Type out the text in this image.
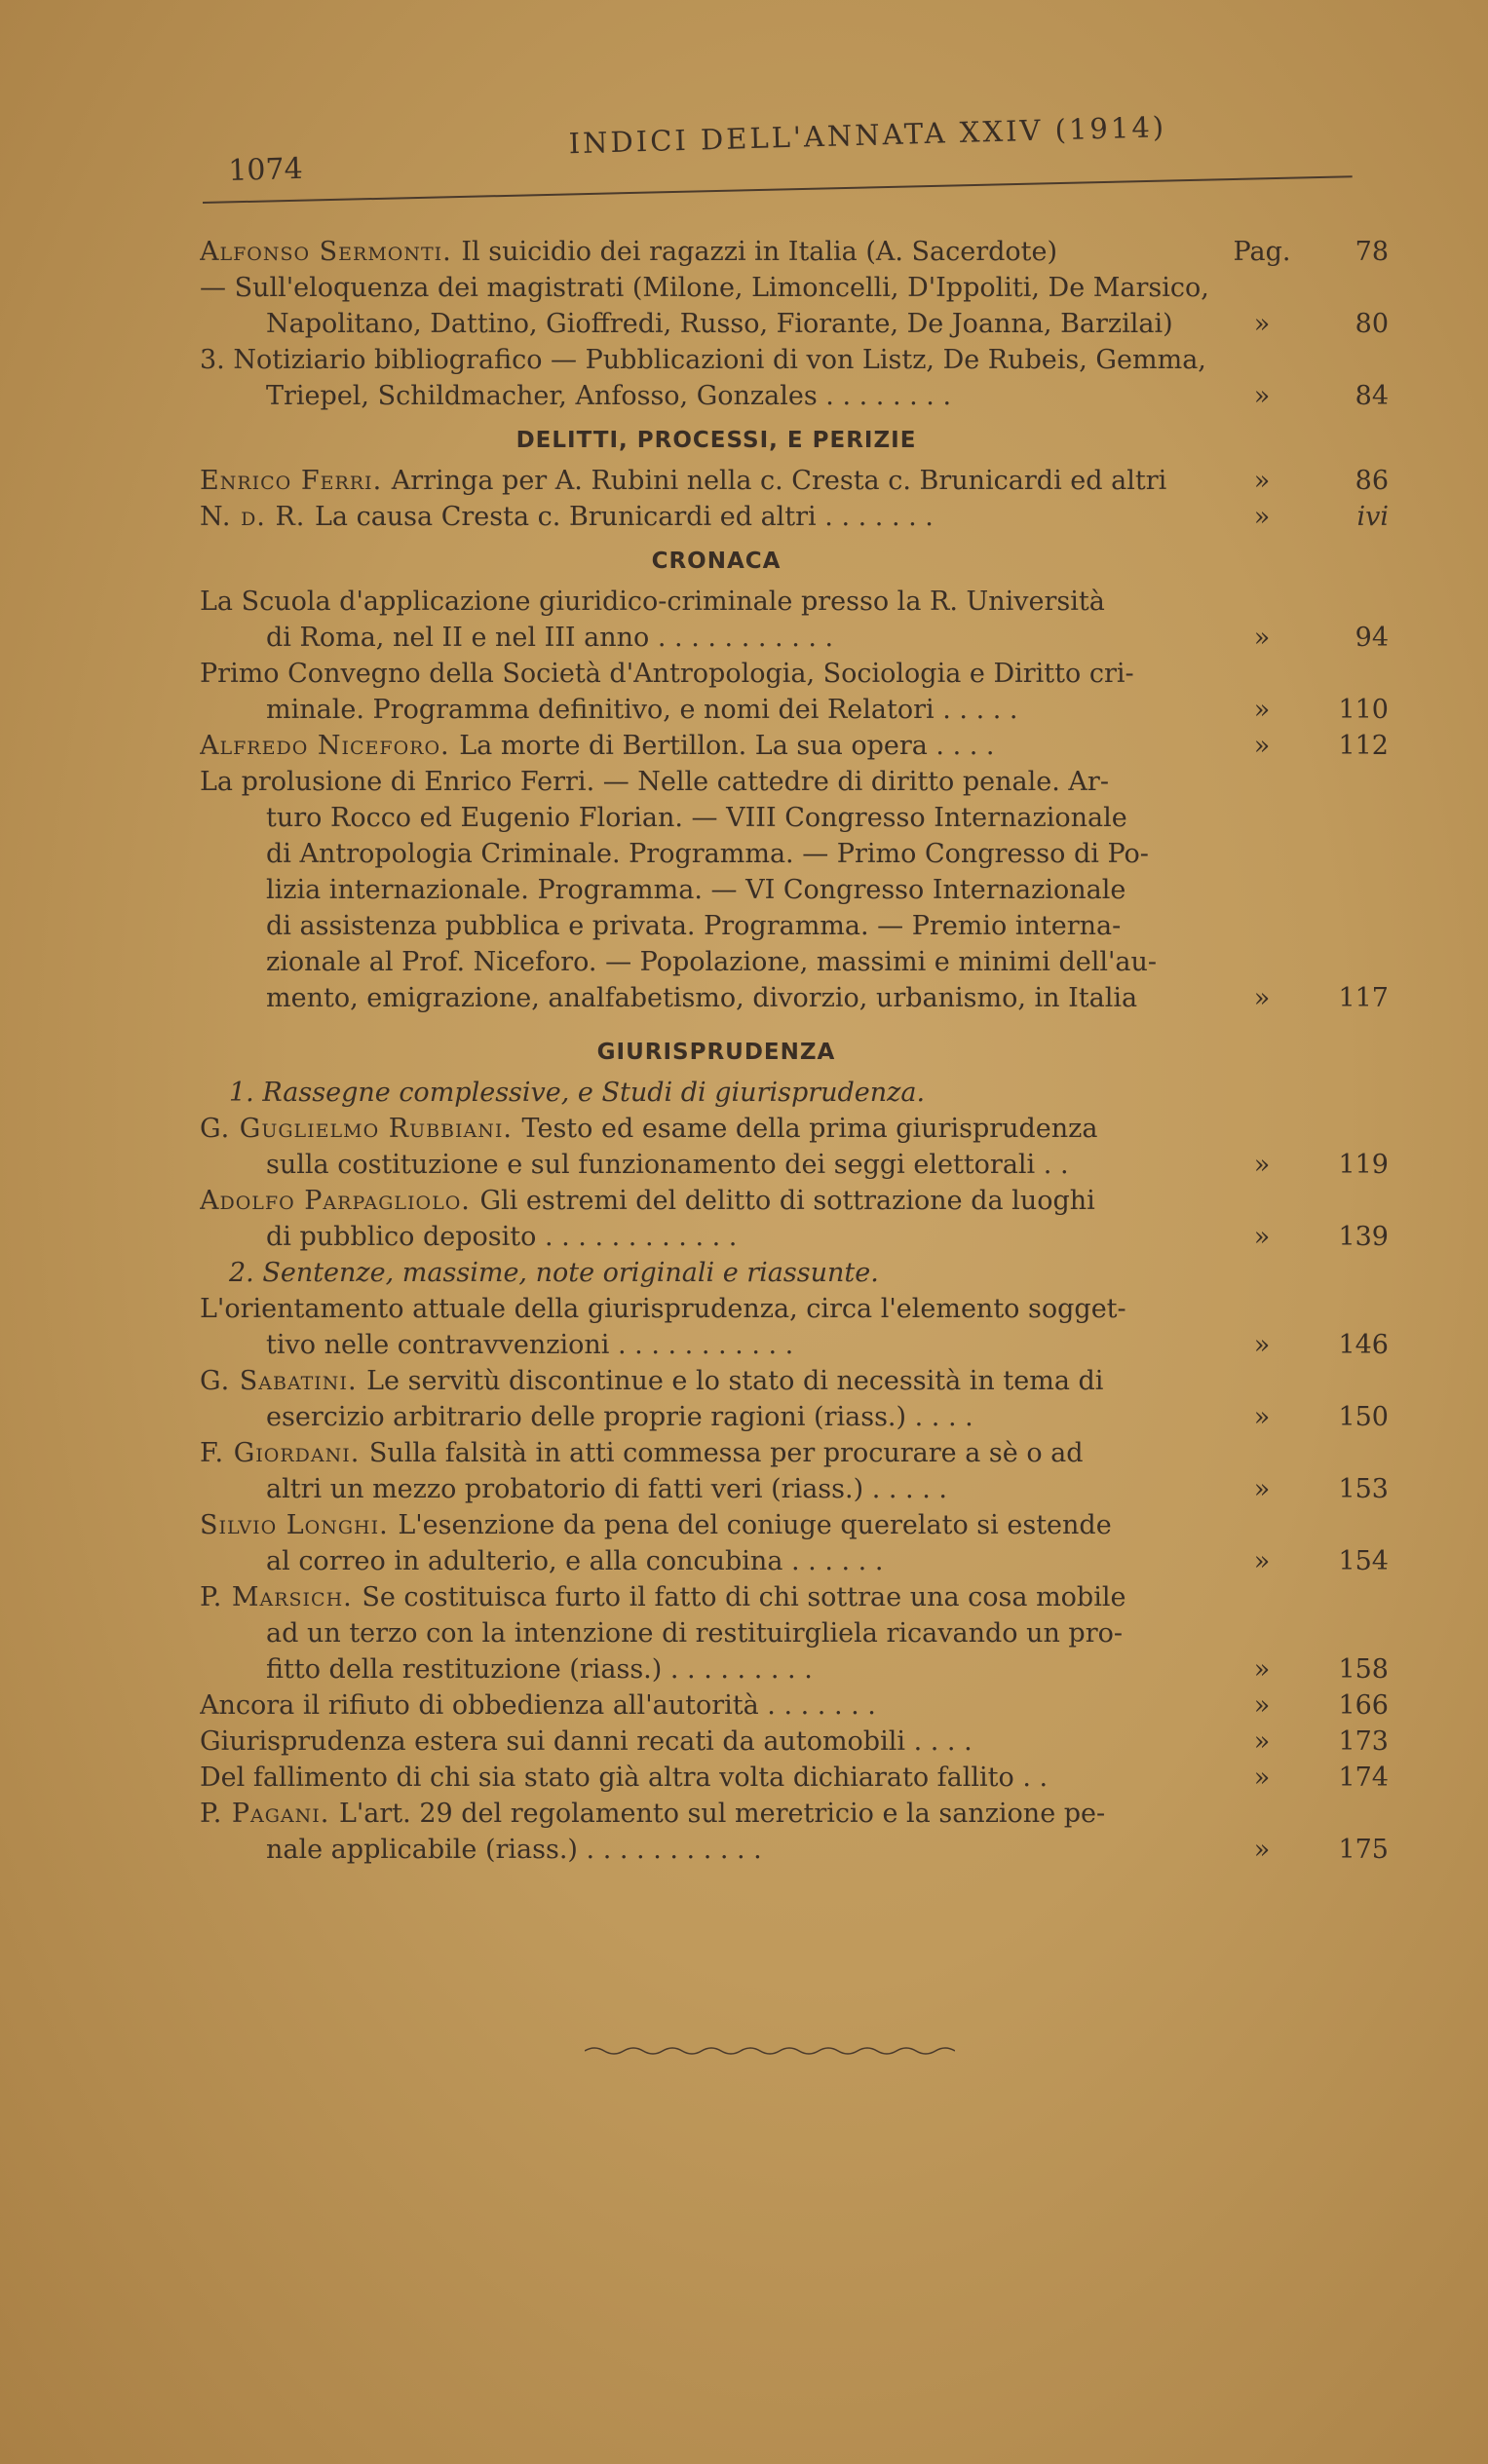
1074
INDICI DELL'ANNATA XXIV (1914)
Alfonso Sermonti. Il suicidio dei ragazzi in Italia (A. Sacerdote)	Pag.	78
— Sull'eloquenza dei magistrati (Milone, Limoncelli, D'Ippoliti, De Marsico,
Napolitano, Dattino, Gioffredi, Russo, Fiorante, De Joanna, Barzilai)	»	80
3. Notiziario bibliografico — Pubblicazioni di von Listz, De Rubeis, Gemma,
Triepel, Schildmacher, Anfosso, Gonzales . . . . . . . .	»	84
DELITTI, PROCESSI, E PERIZIE
Enrico Ferri. Arringa per A. Rubini nella c. Cresta c. Brunicardi ed altri	»	86
N. d. R. La causa Cresta c. Brunicardi ed altri . . . . . . .	»	ivi
CRONACA
La Scuola d'applicazione giuridico-criminale presso la R. Università
di Roma, nel II e nel III anno . . . . . . . . . . .	»	94
Primo Convegno della Società d'Antropologia, Sociologia e Diritto cri-
minale. Programma definitivo, e nomi dei Relatori . . . . .	»	110
Alfredo Niceforo. La morte di Bertillon. La sua opera . . . .	»	112
La prolusione di Enrico Ferri. — Nelle cattedre di diritto penale. Ar-
turo Rocco ed Eugenio Florian. — VIII Congresso Internazionale
di Antropologia Criminale. Programma. — Primo Congresso di Po-
lizia internazionale. Programma. — VI Congresso Internazionale
di assistenza pubblica e privata. Programma. — Premio interna-
zionale al Prof. Niceforo. — Popolazione, massimi e minimi dell'au-
mento, emigrazione, analfabetismo, divorzio, urbanismo, in Italia	»	117
GIURISPRUDENZA
1. Rassegne complessive, e Studi di giurisprudenza.
G. Guglielmo Rubbiani. Testo ed esame della prima giurisprudenza
sulla costituzione e sul funzionamento dei seggi elettorali . .	»	119
Adolfo Parpagliolo. Gli estremi del delitto di sottrazione da luoghi
di pubblico deposito . . . . . . . . . . . .	»	139
2. Sentenze, massime, note originali e riassunte.
L'orientamento attuale della giurisprudenza, circa l'elemento sogget-
tivo nelle contravvenzioni . . . . . . . . . . .	»	146
G. Sabatini. Le servitù discontinue e lo stato di necessità in tema di
esercizio arbitrario delle proprie ragioni (riass.) . . . .	»	150
F. Giordani. Sulla falsità in atti commessa per procurare a sè o ad
altri un mezzo probatorio di fatti veri (riass.) . . . . .	»	153
Silvio Longhi. L'esenzione da pena del coniuge querelato si estende
al correo in adulterio, e alla concubina . . . . . .	»	154
P. Marsich. Se costituisca furto il fatto di chi sottrae una cosa mobile
ad un terzo con la intenzione di restituirgliela ricavando un pro-
fitto della restituzione (riass.) . . . . . . . . .	»	158
Ancora il rifiuto di obbedienza all'autorità . . . . . . .	»	166
Giurisprudenza estera sui danni recati da automobili . . . .	»	173
Del fallimento di chi sia stato già altra volta dichiarato fallito . .	»	174
P. Pagani. L'art. 29 del regolamento sul meretricio e la sanzione pe-
nale applicabile (riass.) . . . . . . . . . . .	»	175
